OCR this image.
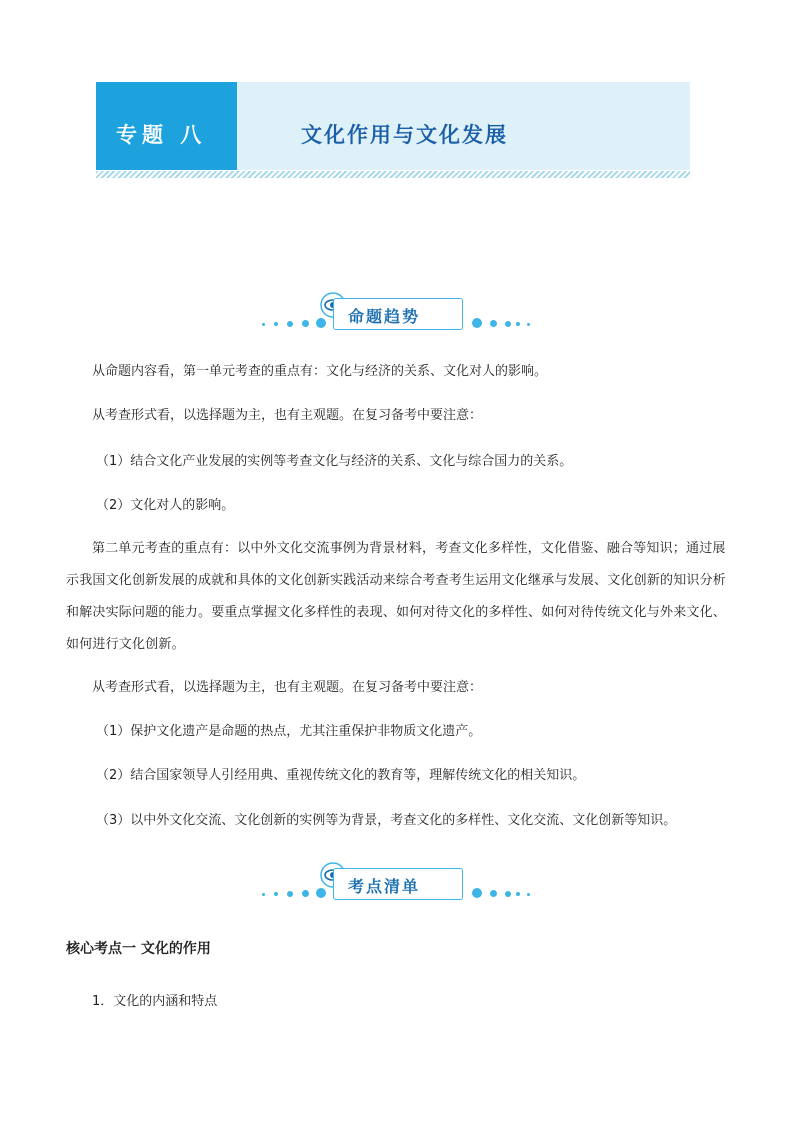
专题 八	文化作用与文化发展
命题趋势
从命题内容看，第一单元考查的重点有：文化与经济的关系、文化对人的影响。
从考查形式看，以选择题为主，也有主观题。在复习备考中要注意：
（1）结合文化产业发展的实例等考查文化与经济的关系、文化与综合国力的关系。
（2）文化对人的影响。
第二单元考查的重点有：以中外文化交流事例为背景材料，考查文化多样性，文化借鉴、融合等知识；通过展示我国文化创新发展的成就和具体的文化创新实践活动来综合考查考生运用文化继承与发展、文化创新的知识分析和解决实际问题的能力。要重点掌握文化多样性的表现、如何对待文化的多样性、如何对待传统文化与外来文化、如何进行文化创新。
从考查形式看，以选择题为主，也有主观题。在复习备考中要注意：
（1）保护文化遗产是命题的热点，尤其注重保护非物质文化遗产。
（2）结合国家领导人引经用典、重视传统文化的教育等，理解传统文化的相关知识。
（3）以中外文化交流、文化创新的实例等为背景，考查文化的多样性、文化交流、文化创新等知识。
考点清单
核心考点一 文化的作用
1．文化的内涵和特点
